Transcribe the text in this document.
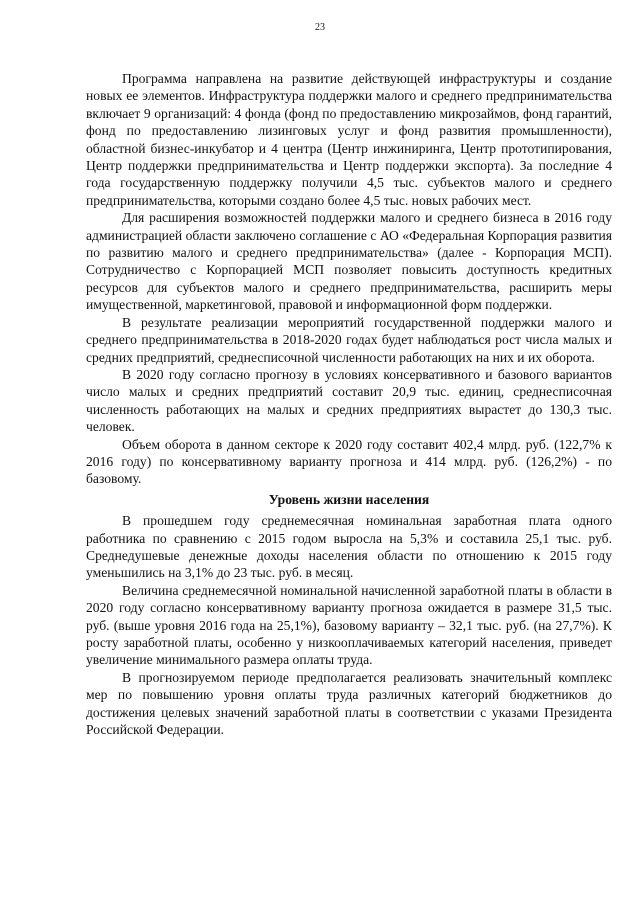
23

Программа направлена на развитие действующей инфраструктуры и создание новых ее элементов. Инфраструктура поддержки малого и среднего предпринимательства включает 9 организаций: 4 фонда (фонд по предоставлению микрозаймов, фонд гарантий, фонд по предоставлению лизинговых услуг и фонд развития промышленности), областной бизнес-инкубатор и 4 центра (Центр инжиниринга, Центр прототипирования, Центр поддержки предпринимательства и Центр поддержки экспорта). За последние 4 года государственную поддержку получили 4,5 тыс. субъектов малого и среднего предпринимательства, которыми создано более 4,5 тыс. новых рабочих мест.

Для расширения возможностей поддержки малого и среднего бизнеса в 2016 году администрацией области заключено соглашение с АО «Федеральная Корпорация развития по развитию малого и среднего предпринимательства» (далее - Корпорация МСП). Сотрудничество с Корпорацией МСП позволяет повысить доступность кредитных ресурсов для субъектов малого и среднего предпринимательства, расширить меры имущественной, маркетинговой, правовой и информационной форм поддержки.

В результате реализации мероприятий государственной поддержки малого и среднего предпринимательства в 2018-2020 годах будет наблюдаться рост числа малых и средних предприятий, среднесписочной численности работающих на них и их оборота.

В 2020 году согласно прогнозу в условиях консервативного и базового вариантов число малых и средних предприятий составит 20,9 тыс. единиц, среднесписочная численность работающих на малых и средних предприятиях вырастет до 130,3 тыс. человек.

Объем оборота в данном секторе к 2020 году составит 402,4 млрд. руб. (122,7% к 2016 году) по консервативному варианту прогноза и 414 млрд. руб. (126,2%) - по базовому.

Уровень жизни населения

В прошедшем году среднемесячная номинальная заработная плата одного работника по сравнению с 2015 годом выросла на 5,3% и составила 25,1 тыс. руб. Среднедушевые денежные доходы населения области по отношению к 2015 году уменьшились на 3,1% до 23 тыс. руб. в месяц.

Величина среднемесячной номинальной начисленной заработной платы в области в 2020 году согласно консервативному варианту прогноза ожидается в размере 31,5 тыс. руб. (выше уровня 2016 года на 25,1%), базовому варианту – 32,1 тыс. руб. (на 27,7%). К росту заработной платы, особенно у низкооплачиваемых категорий населения, приведет увеличение минимального размера оплаты труда.

В прогнозируемом периоде предполагается реализовать значительный комплекс мер по повышению уровня оплаты труда различных категорий бюджетников до достижения целевых значений заработной платы в соответствии с указами Президента Российской Федерации.
